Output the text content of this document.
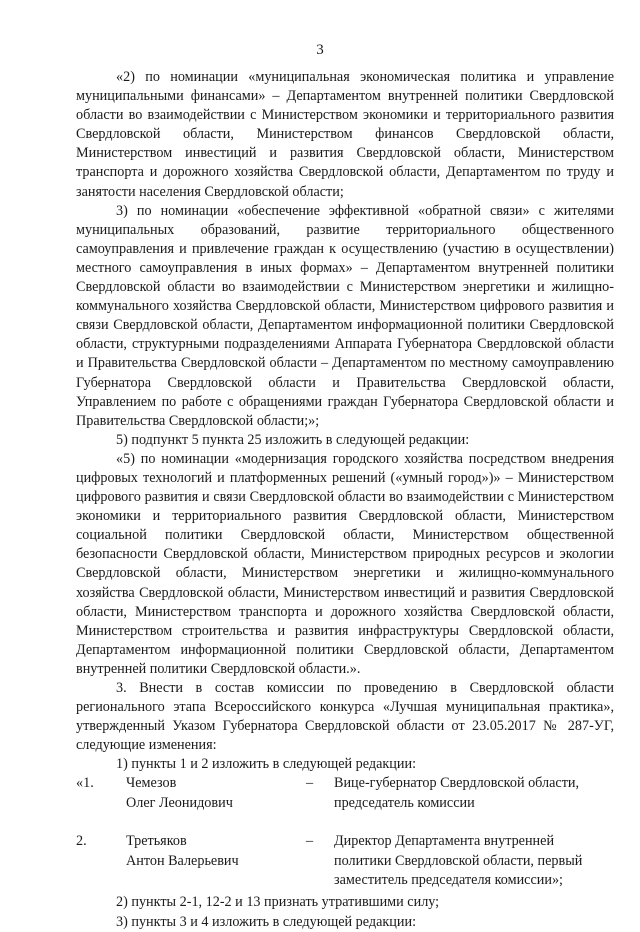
3

«2) по номинации «муниципальная экономическая политика и управление муниципальными финансами» – Департаментом внутренней политики Свердловской области во взаимодействии с Министерством экономики и территориального развития Свердловской области, Министерством финансов Свердловской области, Министерством инвестиций и развития Свердловской области, Министерством транспорта и дорожного хозяйства Свердловской области, Департаментом по труду и занятости населения Свердловской области;

3) по номинации «обеспечение эффективной «обратной связи» с жителями муниципальных образований, развитие территориального общественного самоуправления и привлечение граждан к осуществлению (участию в осуществлении) местного самоуправления в иных формах» – Департаментом внутренней политики Свердловской области во взаимодействии с Министерством энергетики и жилищно-коммунального хозяйства Свердловской области, Министерством цифрового развития и связи Свердловской области, Департаментом информационной политики Свердловской области, структурными подразделениями Аппарата Губернатора Свердловской области и Правительства Свердловской области – Департаментом по местному самоуправлению Губернатора Свердловской области и Правительства Свердловской области, Управлением по работе с обращениями граждан Губернатора Свердловской области и Правительства Свердловской области;»;

5) подпункт 5 пункта 25 изложить в следующей редакции:

«5) по номинации «модернизация городского хозяйства посредством внедрения цифровых технологий и платформенных решений («умный город»)» – Министерством цифрового развития и связи Свердловской области во взаимодействии с Министерством экономики и территориального развития Свердловской области, Министерством социальной политики Свердловской области, Министерством общественной безопасности Свердловской области, Министерством природных ресурсов и экологии Свердловской области, Министерством энергетики и жилищно-коммунального хозяйства Свердловской области, Министерством инвестиций и развития Свердловской области, Министерством транспорта и дорожного хозяйства Свердловской области, Министерством строительства и развития инфраструктуры Свердловской области, Департаментом информационной политики Свердловской области, Департаментом внутренней политики Свердловской области.».

3. Внести в состав комиссии по проведению в Свердловской области регионального этапа Всероссийского конкурса «Лучшая муниципальная практика», утвержденный Указом Губернатора Свердловской области от 23.05.2017 № 287-УГ, следующие изменения:

1) пункты 1 и 2 изложить в следующей редакции:

«1. Чемезов
Олег Леонидович
– Вице-губернатор Свердловской области,
председатель комиссии
2.	Третьяков
Антон Валерьевич
– Директор Департамента внутренней
политики Свердловской области, первый
заместитель председателя комиссии»;

2) пункты 2-1, 12-2 и 13 признать утратившими силу;

3) пункты 3 и 4 изложить в следующей редакции:
